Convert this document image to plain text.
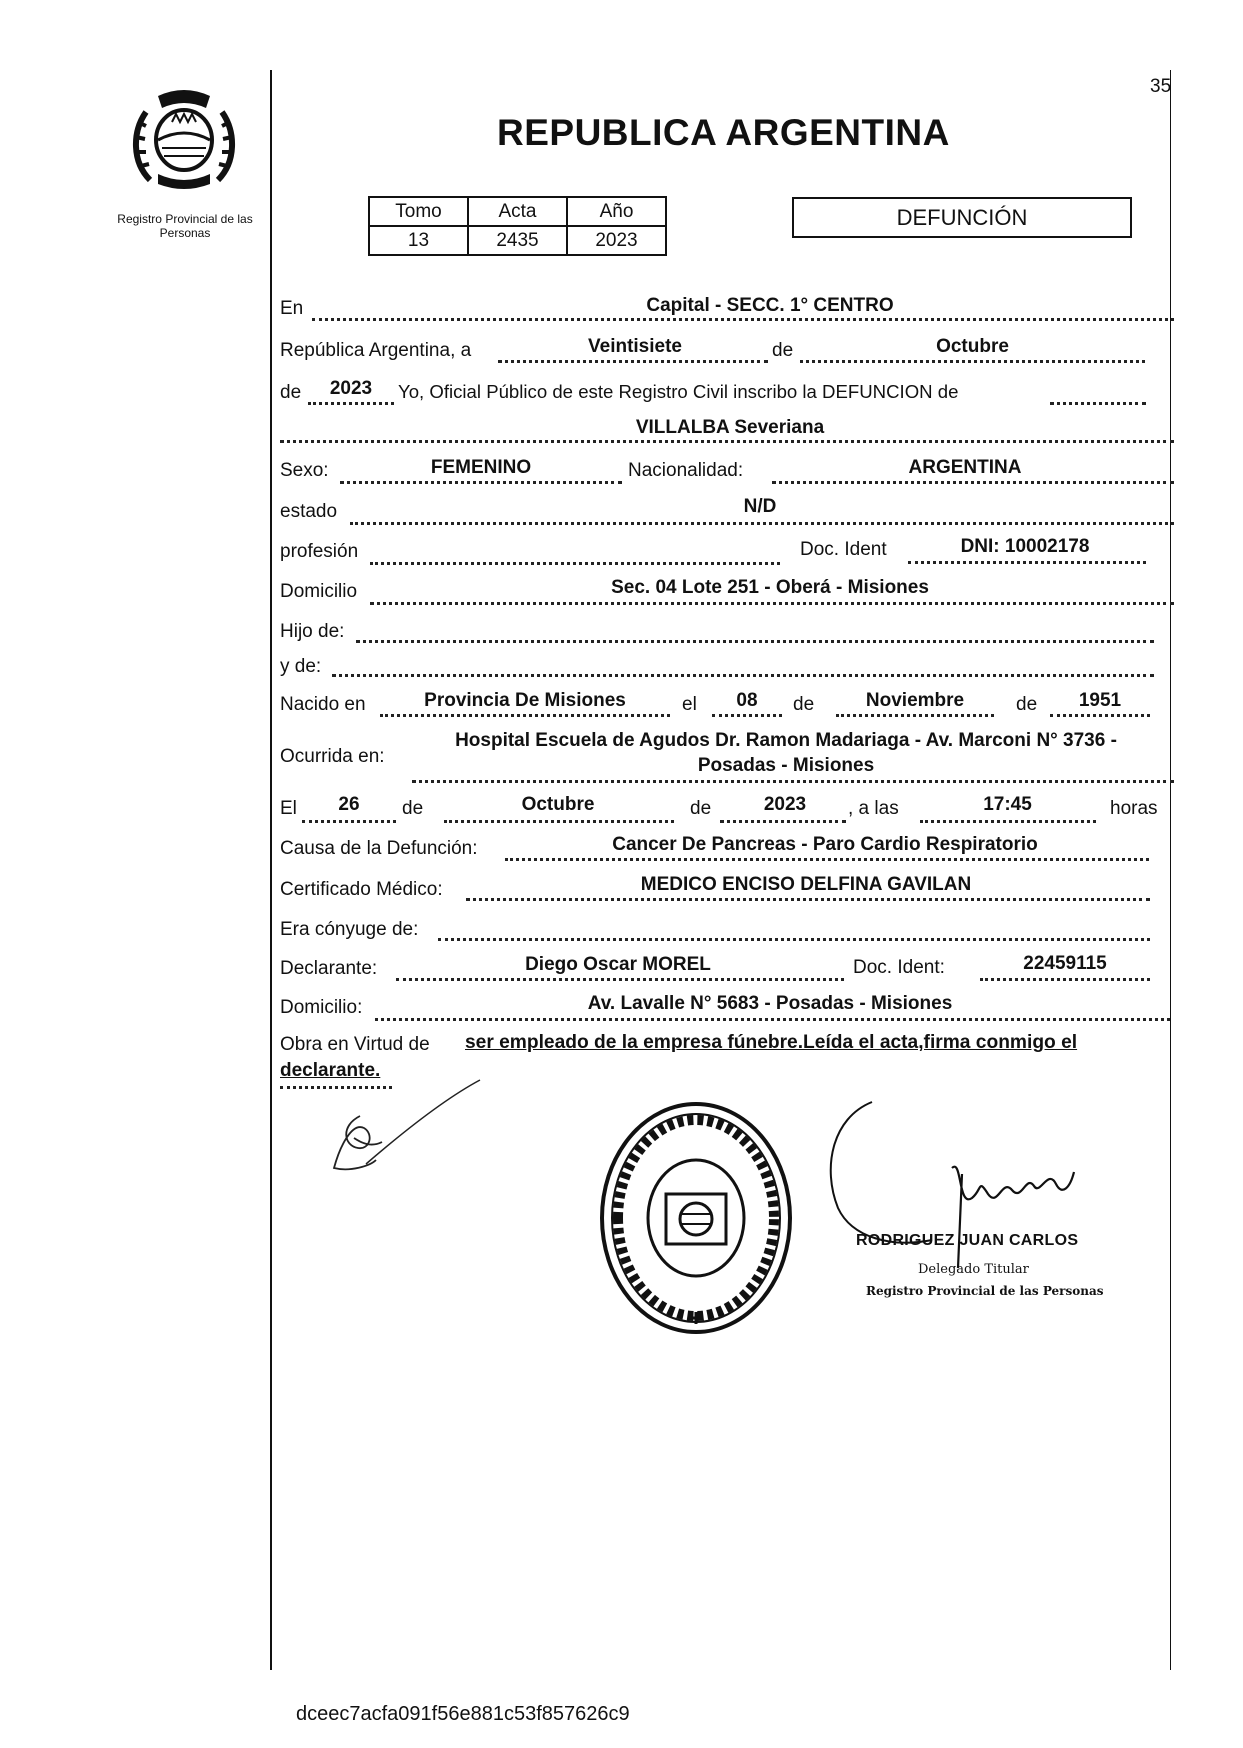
Registro Provincial de las Personas
35
REPUBLICA ARGENTINA
Tomo	Acta	Año
13	2435	2023
DEFUNCIÓN
En	Capital - SECC. 1° CENTRO
República Argentina, a	Veintisiete	de	Octubre
de	2023	Yo, Oficial Público de este Registro Civil inscribo la DEFUNCION de
VILLALBA Severiana
Sexo:	FEMENINO	Nacionalidad:	ARGENTINA
estado	N/D
profesión	Doc. Ident	DNI: 10002178
Domicilio	Sec. 04 Lote 251 - Oberá - Misiones
Hijo de:
y de:
Nacido en	Provincia De Misiones	el	08	de	Noviembre	de	1951
Ocurrida en:
Hospital Escuela de Agudos Dr. Ramon Madariaga - Av. Marconi N° 3736 -
Posadas - Misiones
El	26	de	Octubre	de	2023	, a las	17:45	horas
Causa de la Defunción:	Cancer De Pancreas - Paro Cardio Respiratorio
Certificado Médico:	MEDICO ENCISO DELFINA GAVILAN
Era cónyuge de:
Declarante:	Diego Oscar MOREL	Doc. Ident:	22459115
Domicilio:	Av. Lavalle N° 5683 - Posadas - Misiones
Obra en Virtud de ser empleado de la empresa fúnebre.Leída el acta,firma conmigo el
declarante.
RODRIGUEZ JUAN CARLOS
Delegado Titular
Registro Provincial de las Personas
dceec7acfa091f56e881c53f857626c9
